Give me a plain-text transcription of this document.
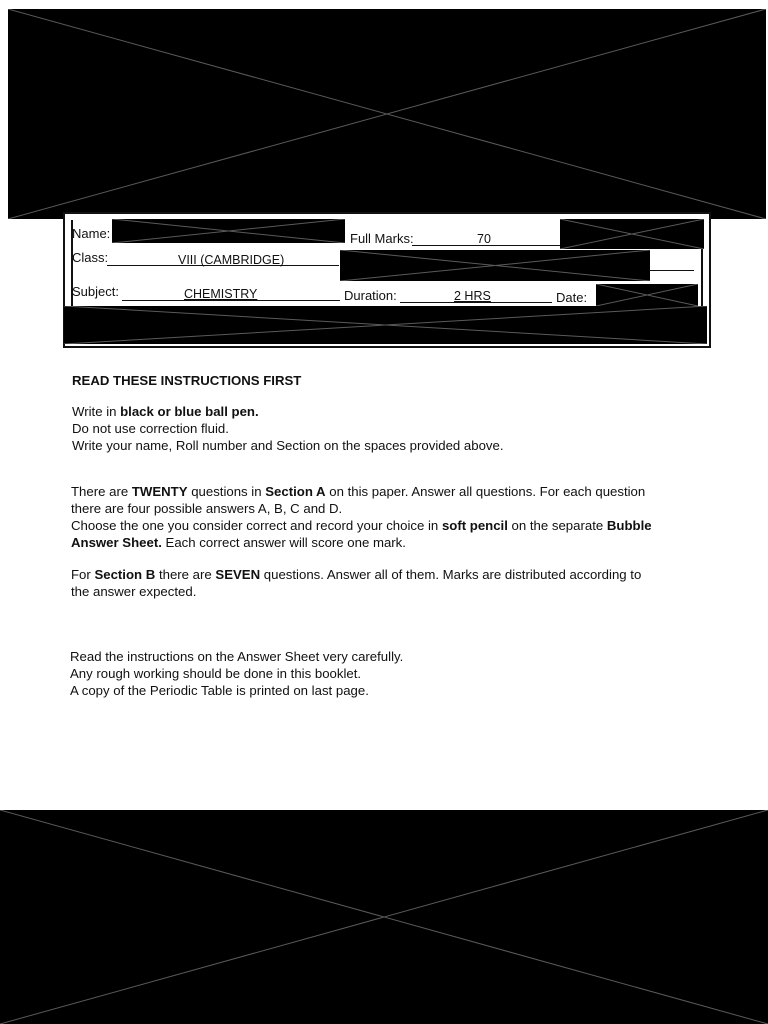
Name:	Full Marks:	70
Class:	VIII (CAMBRIDGE)
Subject:	CHEMISTRY	Duration:	2 HRS	Date:
READ THESE INSTRUCTIONS FIRST
Write in black or blue ball pen.
Do not use correction fluid.
Write your name, Roll number and Section on the spaces provided above.
There are TWENTY questions in Section A on this paper. Answer all questions. For each question
there are four possible answers A, B, C and D.
Choose the one you consider correct and record your choice in soft pencil on the separate Bubble
Answer Sheet. Each correct answer will score one mark.
For Section B there are SEVEN questions. Answer all of them. Marks are distributed according to
the answer expected.
Read the instructions on the Answer Sheet very carefully.
Any rough working should be done in this booklet.
A copy of the Periodic Table is printed on last page.
